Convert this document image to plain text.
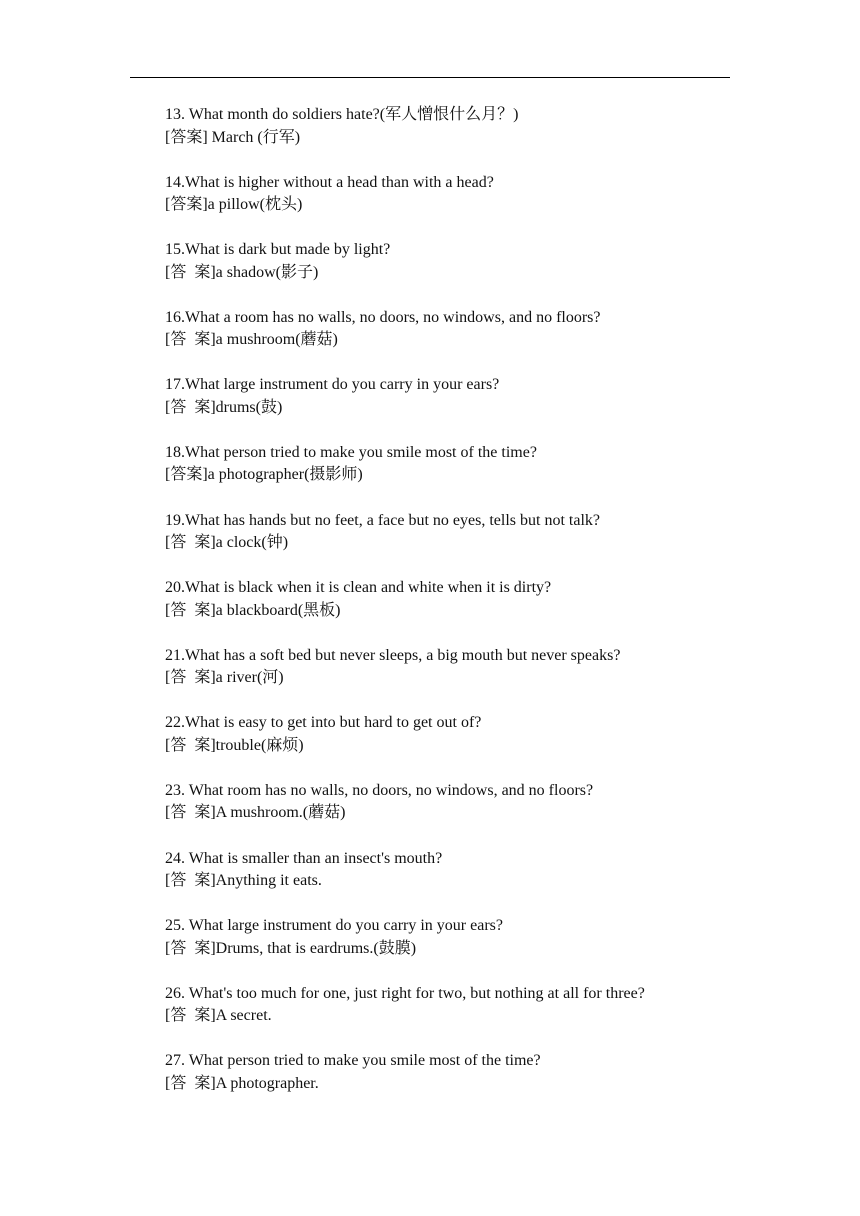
13. What month do soldiers hate?(军人憎恨什么月？)
[答案] March (行军)
14.What is higher without a head than with a head?
[答案]a pillow(枕头)
15.What is dark but made by light?
[答  案]a shadow(影子)
16.What a room has no walls, no doors, no windows, and no floors?
[答  案]a mushroom(蘑菇)
17.What large instrument do you carry in your ears?
[答  案]drums(鼓)
18.What person tried to make you smile most of the time?
[答案]a photographer(摄影师)
19.What has hands but no feet, a face but no eyes, tells but not talk?
[答  案]a clock(钟)
20.What is black when it is clean and white when it is dirty?
[答  案]a blackboard(黑板)
21.What has a soft bed but never sleeps, a big mouth but never speaks?
[答  案]a river(河)
22.What is easy to get into but hard to get out of?
[答  案]trouble(麻烦)
23. What room has no walls, no doors, no windows, and no floors?
[答  案]A mushroom.(蘑菇)
24. What is smaller than an insect's mouth?
[答  案]Anything it eats.
25. What large instrument do you carry in your ears?
[答  案]Drums, that is eardrums.(鼓膜)
26. What's too much for one, just right for two, but nothing at all for three?
[答  案]A secret.
27. What person tried to make you smile most of the time?
[答  案]A photographer.
